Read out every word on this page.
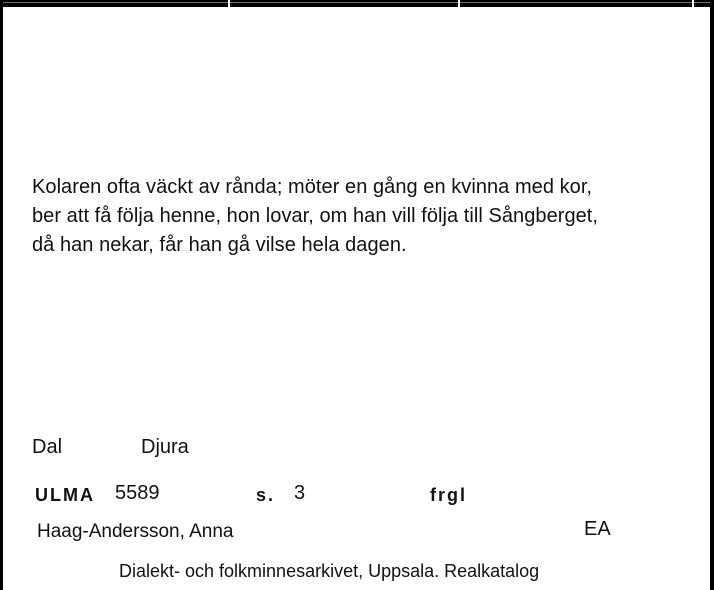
Kolaren ofta väckt av rånda; möter en gång en kvinna med kor,
ber att få följa henne, hon lovar, om han vill följa till Sångberget,
då han nekar, får han gå vilse hela dagen.
Dal	Djura
ULMA 5589	s. 3	frgl
Haag-Andersson, Anna	EA
Dialekt- och folkminnesarkivet, Uppsala. Realkatalog
